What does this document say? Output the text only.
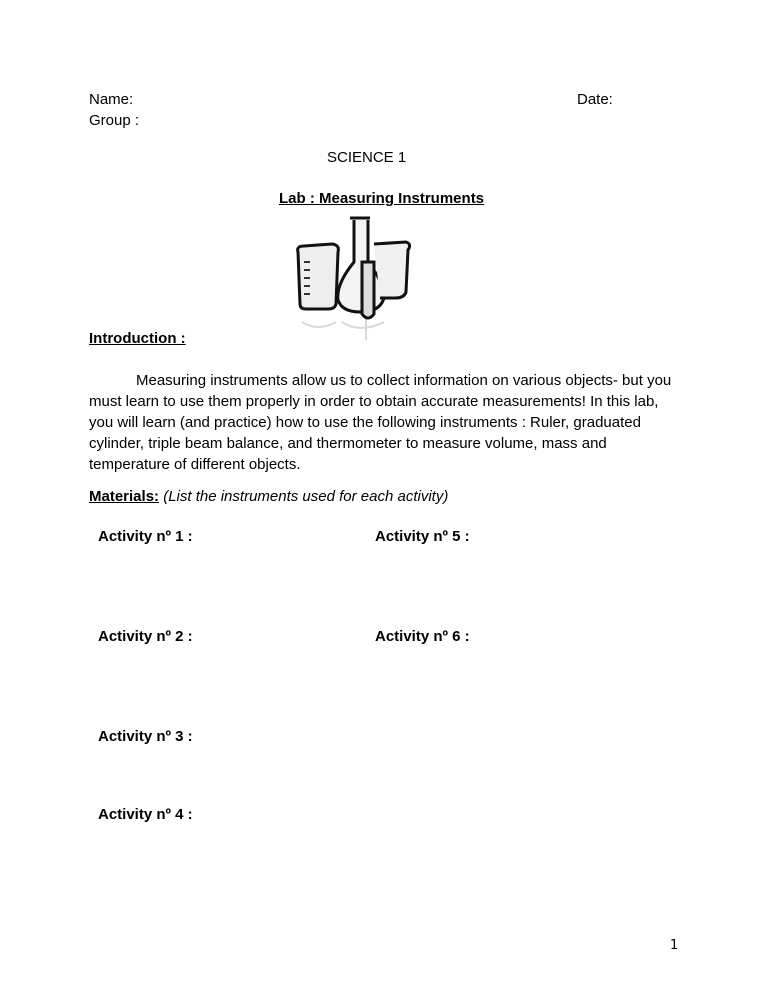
Name:	Date:
Group :
SCIENCE 1
Lab : Measuring Instruments
Introduction :

Measuring instruments allow us to collect information on various objects- but you

must learn to use them properly in order to obtain accurate measurements! In this lab,

you will learn (and practice) how to use the following instruments : Ruler, graduated

cylinder, triple beam balance, and thermometer to measure volume, mass and

temperature of different objects.

Materials: (List the instruments used for each activity)
Activity nº 1 :
Activity nº 2 :
Activity nº 3 :
Activity nº 4 :
Activity nº 5 :
Activity nº 6 :
1
